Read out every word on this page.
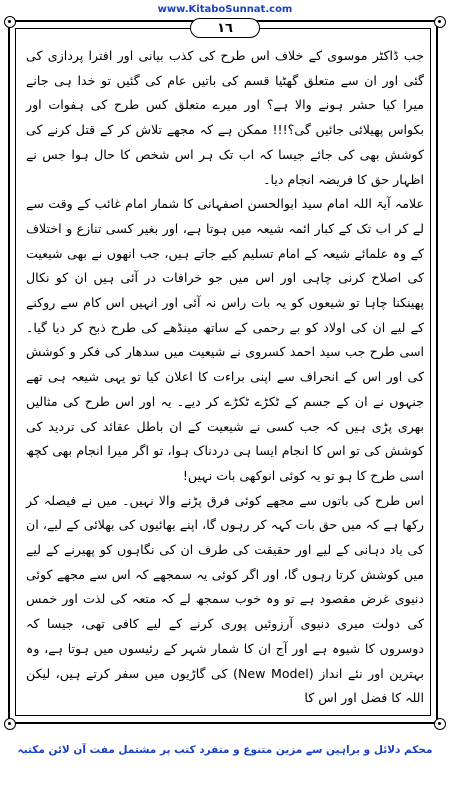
www.KitaboSunnat.com
١٦

جب ڈاکٹر موسوی کے خلاف اس طرح کی کذب بیانی اور افترا پردازی کی گئی اور ان سے متعلق گھٹیا قسم کی باتیں عام کی گئیں تو خدا ہی جانے میرا کیا حشر ہونے والا ہے؟ اور میرے متعلق کس طرح کی ہفوات اور بکواس پھیلائی جائیں گی؟!!! ممکن ہے کہ مجھے تلاش کر کے قتل کرنے کی کوشش بھی کی جائے جیسا کہ اب تک ہر اس شخص کا حال ہوا جس نے اظہار حق کا فریضہ انجام دیا۔

علامہ آیۃ اللہ امام سید ابوالحسن اصفہانی کا شمار امام غائب کے وقت سے لے کر اب تک کے کبار ائمہ شیعہ میں ہوتا ہے، اور بغیر کسی تنازع و اختلاف کے وہ علمائے شیعہ کے امام تسلیم کیے جاتے ہیں، جب انھوں نے بھی شیعیت کی اصلاح کرنی چاہی اور اس میں جو خرافات در آئی ہیں ان کو نکال پھینکنا چاہا تو شیعوں کو یہ بات راس نہ آئی اور انہیں اس کام سے روکنے کے لیے ان کی اولاد کو بے رحمی کے ساتھ مینڈھے کی طرح ذبح کر دیا گیا۔ اسی طرح جب سید احمد کسروی نے شیعیت میں سدھار کی فکر و کوشش کی اور اس کے انحراف سے اپنی براءت کا اعلان کیا تو یہی شیعہ ہی تھے جنہوں نے ان کے جسم کے ٹکڑے ٹکڑے کر دیے۔ یہ اور اس طرح کی مثالیں بھری پڑی ہیں کہ جب کسی نے شیعیت کے ان باطل عقائد کی تردید کی کوشش کی تو اس کا انجام ایسا ہی دردناک ہوا، تو اگر میرا انجام بھی کچھ اسی طرح کا ہو تو یہ کوئی انوکھی بات نہیں!

اس طرح کی باتوں سے مجھے کوئی فرق پڑنے والا نہیں۔ میں نے فیصلہ کر رکھا ہے کہ میں حق بات کہہ کر رہوں گا، اپنے بھائیوں کی بھلائی کے لیے، ان کی یاد دہانی کے لیے اور حقیقت کی طرف ان کی نگاہوں کو پھیرنے کے لیے میں کوشش کرتا رہوں گا، اور اگر کوئی یہ سمجھے کہ اس سے مجھے کوئی دنیوی غرض مقصود ہے تو وہ خوب سمجھ لے کہ متعہ کی لذت اور خمس کی دولت میری دنیوی آرزوئیں پوری کرنے کے لیے کافی تھی، جیسا کہ دوسروں کا شیوہ ہے اور آج ان کا شمار شہر کے رئیسوں میں ہوتا ہے، وہ بہترین اور نئے انداز (New Model) کی گاڑیوں میں سفر کرتے ہیں، لیکن اللہ کا فضل اور اس کا

محکم دلائل و براہین سے مزین متنوع و منفرد کتب پر مشتمل مفت آن لائن مکتبہ
